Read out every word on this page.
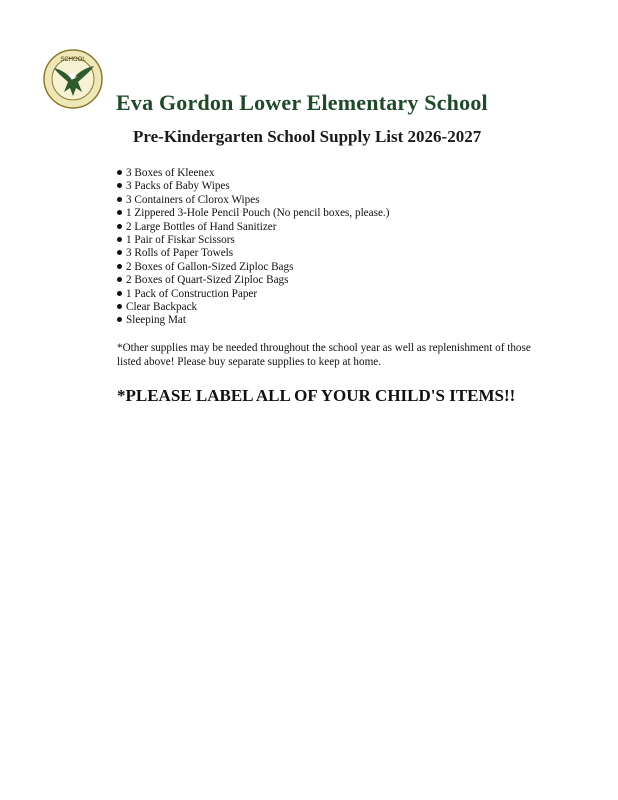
SCHOOL
Eva Gordon Lower Elementary School
Pre-Kindergarten School Supply List 2026-2027
3 Boxes of Kleenex
3 Packs of Baby Wipes
3 Containers of Clorox Wipes
1 Zippered 3-Hole Pencil Pouch (No pencil boxes, please.)
2 Large Bottles of Hand Sanitizer
1 Pair of Fiskar Scissors
3 Rolls of Paper Towels
2 Boxes of Gallon-Sized Ziploc Bags
2 Boxes of Quart-Sized Ziploc Bags
1 Pack of Construction Paper
Clear Backpack
Sleeping Mat
*Other supplies may be needed throughout the school year as well as replenishment of those listed above! Please buy separate supplies to keep at home.
*PLEASE LABEL ALL OF YOUR CHILD'S ITEMS!!
